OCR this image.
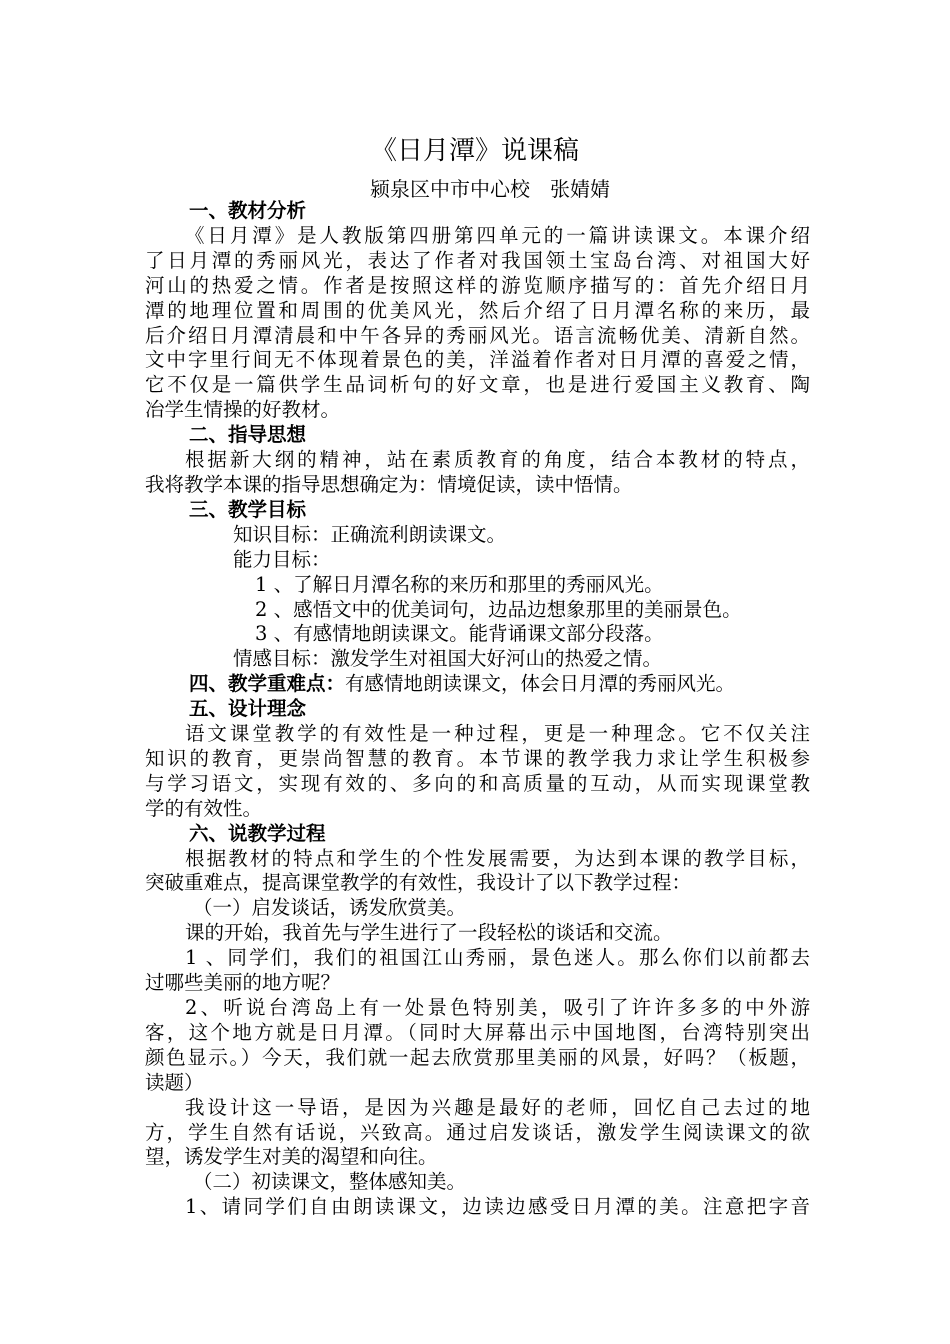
《日月潭》说课稿
颍泉区中市中心校　张婧婧

一、教材分析

《日月潭》是人教版第四册第四单元的一篇讲读课文。本课介绍

了日月潭的秀丽风光，表达了作者对我国领土宝岛台湾、对祖国大好

河山的热爱之情。作者是按照这样的游览顺序描写的：首先介绍日月

潭的地理位置和周围的优美风光，然后介绍了日月潭名称的来历，最

后介绍日月潭清晨和中午各异的秀丽风光。语言流畅优美、清新自然。

文中字里行间无不体现着景色的美，洋溢着作者对日月潭的喜爱之情，

它不仅是一篇供学生品词析句的好文章，也是进行爱国主义教育、陶

冶学生情操的好教材。

二、指导思想

根据新大纲的精神，站在素质教育的角度，结合本教材的特点，

我将教学本课的指导思想确定为：情境促读，读中悟情。

三、教学目标

知识目标：正确流利朗读课文。

能力目标：

1 、了解日月潭名称的来历和那里的秀丽风光。

2 、感悟文中的优美词句，边品边想象那里的美丽景色。

3 、有感情地朗读课文。能背诵课文部分段落。

情感目标：激发学生对祖国大好河山的热爱之情。

四、教学重难点：有感情地朗读课文，体会日月潭的秀丽风光。

五、设计理念

语文课堂教学的有效性是一种过程，更是一种理念。它不仅关注

知识的教育，更崇尚智慧的教育。本节课的教学我力求让学生积极参

与学习语文，实现有效的、多向的和高质量的互动，从而实现课堂教

学的有效性。

六、说教学过程

根据教材的特点和学生的个性发展需要，为达到本课的教学目标，

突破重难点，提高课堂教学的有效性，我设计了以下教学过程：

（一）启发谈话，诱发欣赏美。

课的开始，我首先与学生进行了一段轻松的谈话和交流。

1 、同学们，我们的祖国江山秀丽，景色迷人。那么你们以前都去

过哪些美丽的地方呢？

2、听说台湾岛上有一处景色特别美，吸引了许许多多的中外游

客，这个地方就是日月潭。（同时大屏幕出示中国地图，台湾特别突出

颜色显示。）今天，我们就一起去欣赏那里美丽的风景，好吗？（板题，

读题）

我设计这一导语，是因为兴趣是最好的老师，回忆自己去过的地

方，学生自然有话说，兴致高。通过启发谈话，激发学生阅读课文的欲

望，诱发学生对美的渴望和向往。

（二）初读课文，整体感知美。

1、请同学们自由朗读课文，边读边感受日月潭的美。注意把字音
